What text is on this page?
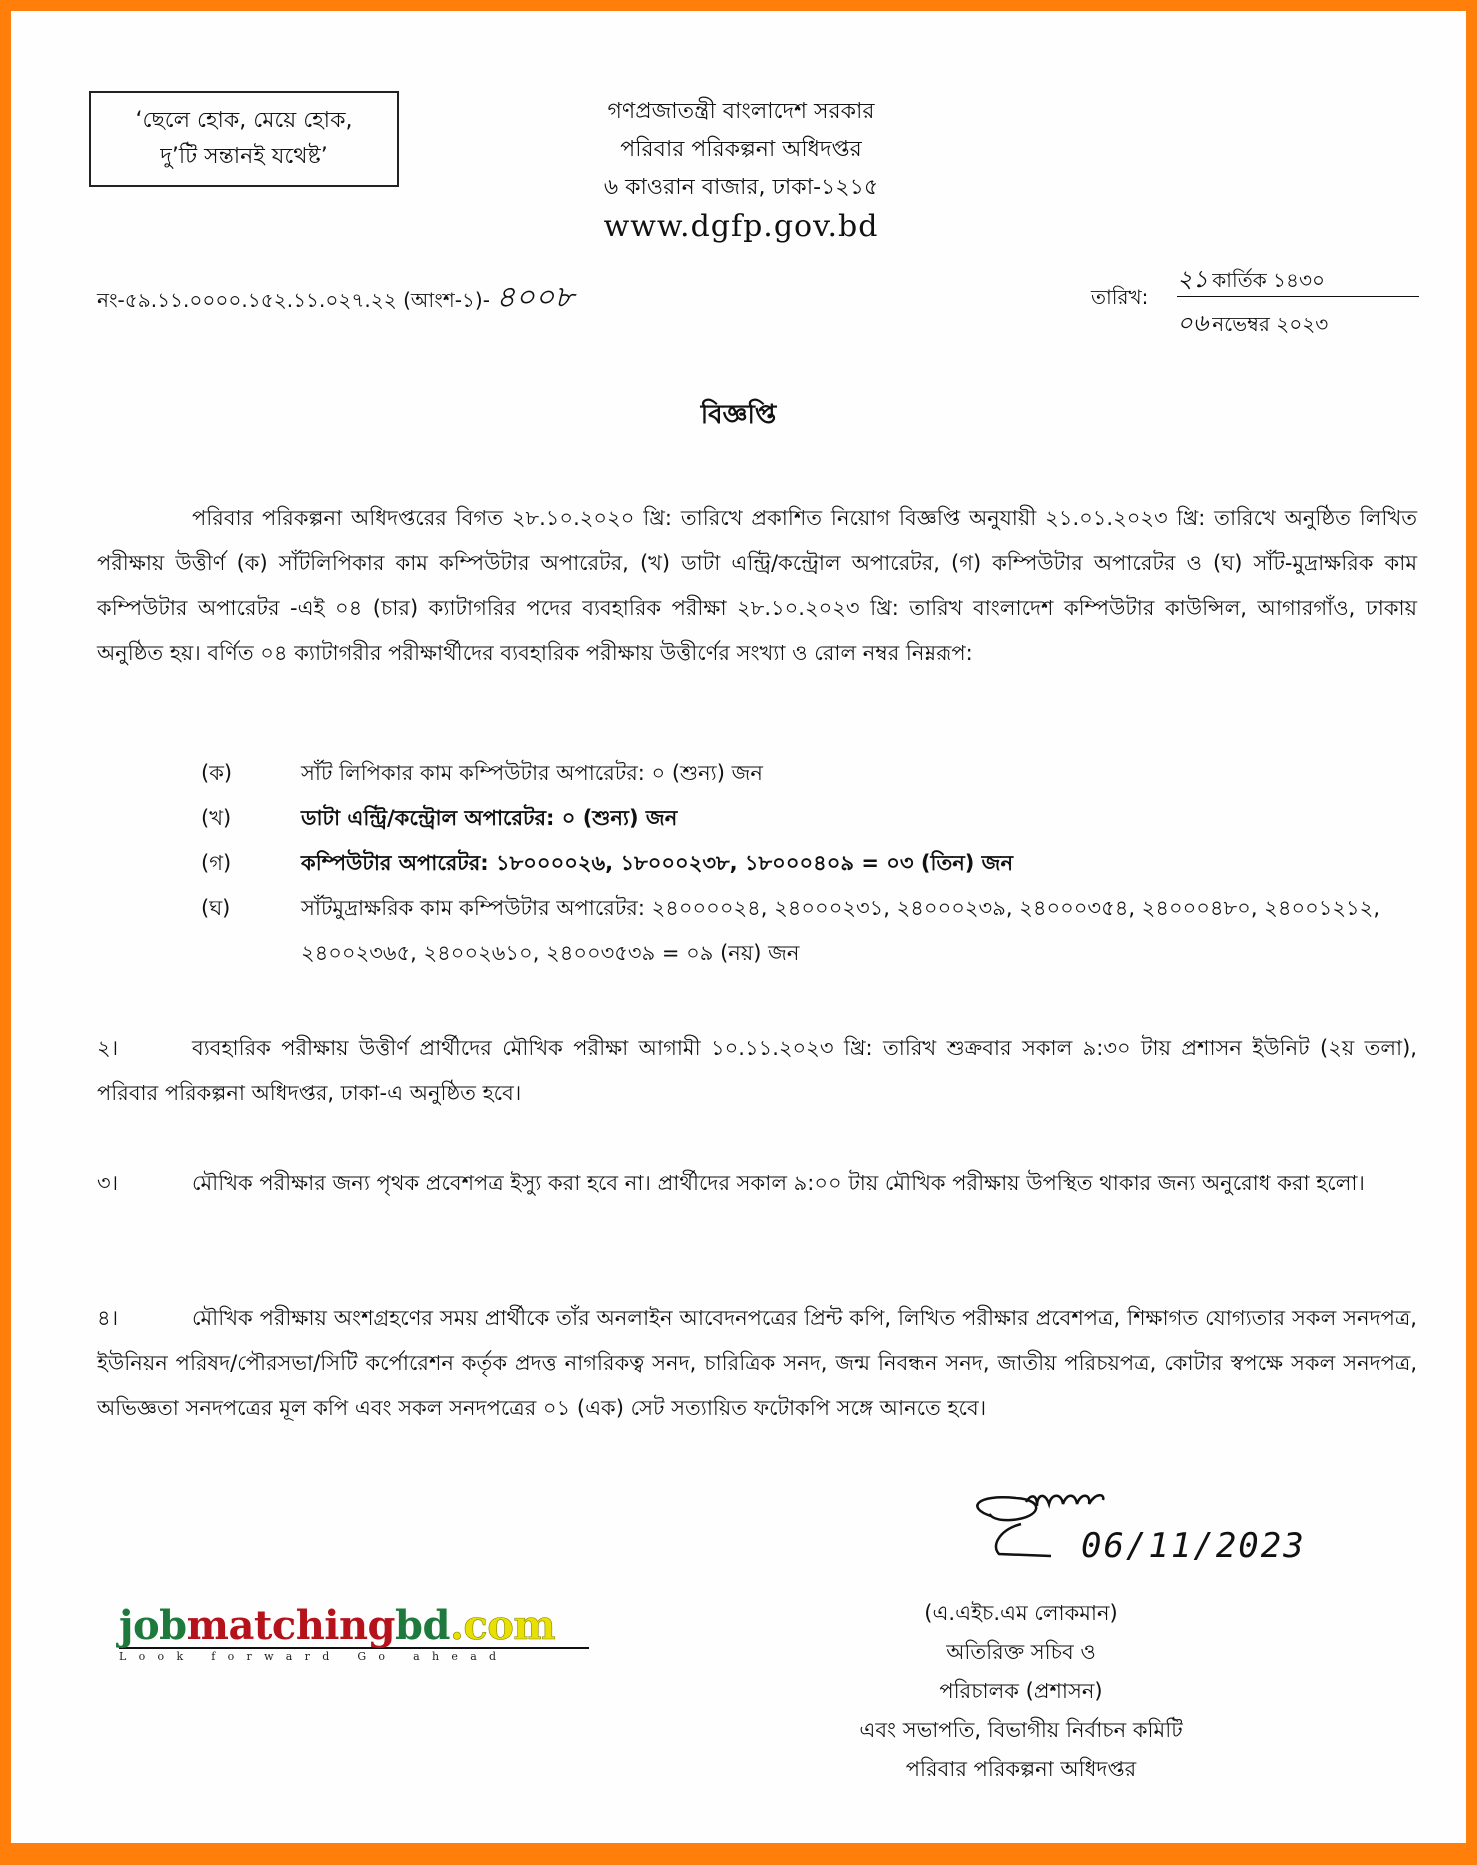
‘ছেলে হোক, মেয়ে হোক,
দু’টি সন্তানই যথেষ্ট’
গণপ্রজাতন্ত্রী বাংলাদেশ সরকার
পরিবার পরিকল্পনা অধিদপ্তর
৬ কাওরান বাজার, ঢাকা-১২১৫
www.dgfp.gov.bd
নং-৫৯.১১.০০০০.১৫২.১১.০২৭.২২ (আংশ-১)- ৪০০৮	তারিখ:
২১ কার্তিক ১৪৩০
০৬ নভেম্বর ২০২৩
বিজ্ঞপ্তি
পরিবার পরিকল্পনা অধিদপ্তরের বিগত ২৮.১০.২০২০ খ্রি: তারিখে প্রকাশিত নিয়োগ বিজ্ঞপ্তি অনুযায়ী ২১.০১.২০২৩ খ্রি: তারিখে অনুষ্ঠিত লিখিত পরীক্ষায় উত্তীর্ণ (ক) সাঁটলিপিকার কাম কম্পিউটার অপারেটর, (খ) ডাটা এন্ট্রি/কন্ট্রোল অপারেটর, (গ) কম্পিউটার অপারেটর ও (ঘ) সাঁট-মুদ্রাক্ষরিক কাম কম্পিউটার অপারেটর -এই ০৪ (চার) ক্যাটাগরির পদের ব্যবহারিক পরীক্ষা ২৮.১০.২০২৩ খ্রি: তারিখ বাংলাদেশ কম্পিউটার কাউন্সিল, আগারগাঁও, ঢাকায় অনুষ্ঠিত হয়। বর্ণিত ০৪ ক্যাটাগরীর পরীক্ষার্থীদের ব্যবহারিক পরীক্ষায় উত্তীর্ণের সংখ্যা ও রোল নম্বর নিম্নরূপ:
(ক)	সাঁট লিপিকার কাম কম্পিউটার অপারেটর: ০ (শুন্য) জন
(খ)	ডাটা এন্ট্রি/কন্ট্রোল অপারেটর: ০ (শুন্য) জন
(গ)	কম্পিউটার অপারেটর: ১৮০০০০২৬, ১৮০০০২৩৮, ১৮০০০৪০৯ = ০৩ (তিন) জন
(ঘ)	সাঁটমুদ্রাক্ষরিক কাম কম্পিউটার অপারেটর: ২৪০০০০২৪, ২৪০০০২৩১, ২৪০০০২৩৯, ২৪০০০৩৫৪, ২৪০০০৪৮০, ২৪০০১২১২, ২৪০০২৩৬৫, ২৪০০২৬১০, ২৪০০৩৫৩৯ = ০৯ (নয়) জন
২।	ব্যবহারিক পরীক্ষায় উত্তীর্ণ প্রার্থীদের মৌখিক পরীক্ষা আগামী ১০.১১.২০২৩ খ্রি: তারিখ শুক্রবার সকাল ৯:৩০ টায় প্রশাসন ইউনিট (২য় তলা), পরিবার পরিকল্পনা অধিদপ্তর, ঢাকা-এ অনুষ্ঠিত হবে।
৩।	মৌখিক পরীক্ষার জন্য পৃথক প্রবেশপত্র ইস্যু করা হবে না। প্রার্থীদের সকাল ৯:০০ টায় মৌখিক পরীক্ষায় উপস্থিত থাকার জন্য অনুরোধ করা হলো।
৪।	মৌখিক পরীক্ষায় অংশগ্রহণের সময় প্রার্থীকে তাঁর অনলাইন আবেদনপত্রের প্রিন্ট কপি, লিখিত পরীক্ষার প্রবেশপত্র, শিক্ষাগত যোগ্যতার সকল সনদপত্র, ইউনিয়ন পরিষদ/পৌরসভা/সিটি কর্পোরেশন কর্তৃক প্রদত্ত নাগরিকত্ব সনদ, চারিত্রিক সনদ, জন্ম নিবন্ধন সনদ, জাতীয় পরিচয়পত্র, কোটার স্বপক্ষে সকল সনদপত্র, অভিজ্ঞতা সনদপত্রের মূল কপি এবং সকল সনদপত্রের ০১ (এক) সেট সত্যায়িত ফটোকপি সঙ্গে আনতে হবে।
06/11/2023
(এ.এইচ.এম লোকমান)
অতিরিক্ত সচিব ও
পরিচালক (প্রশাসন)
এবং সভাপতি, বিভাগীয় নির্বাচন কমিটি
পরিবার পরিকল্পনা অধিদপ্তর
jobmatchingbd.com
Look forward Go ahead
